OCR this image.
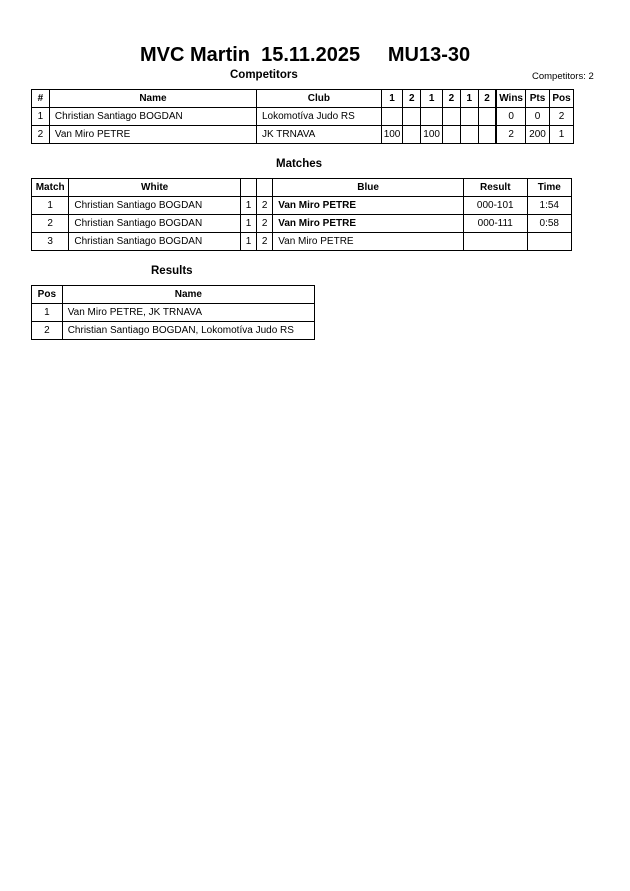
MVC Martin  15.11.2025     MU13-30
Competitors	Competitors: 2
#	Name	Club	1	2	1	2	1	2	Wins	Pts	Pos
1	Christian Santiago BOGDAN	Lokomotíva Judo RS							0	0	2
2	Van Miro PETRE	JK TRNAVA	100		100				2	200	1
Matches
Match	White			Blue	Result	Time
1	Christian Santiago BOGDAN	1	2	Van Miro PETRE	000-101	1:54
2	Christian Santiago BOGDAN	1	2	Van Miro PETRE	000-111	0:58
3	Christian Santiago BOGDAN	1	2	Van Miro PETRE		
Results
Pos	Name
1	Van Miro PETRE, JK TRNAVA
2	Christian Santiago BOGDAN, Lokomotíva Judo RS
